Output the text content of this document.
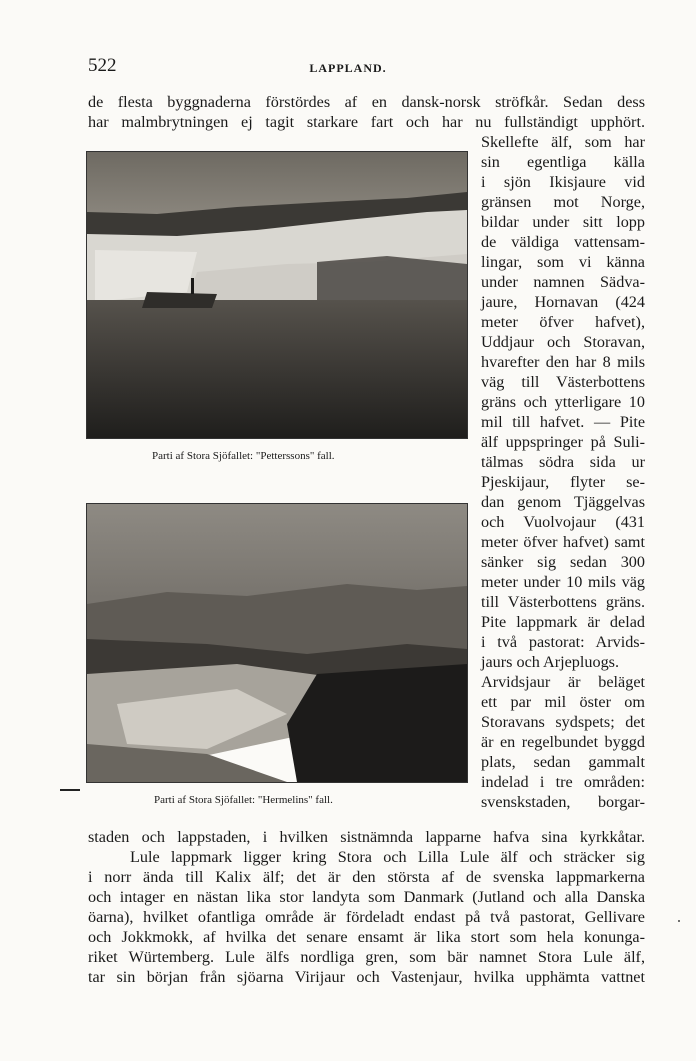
522	LAPPLAND.
de flesta byggnaderna förstördes af en dansk-norsk ströfkår. Sedan dess
har malmbrytningen ej tagit starkare fart och har nu fullständigt upphört.
Parti af Stora Sjöfallet: "Petterssons" fall.
Parti af Stora Sjöfallet: "Hermelins" fall.
Skellefte älf, som har
sin egentliga källa
i sjön Ikisjaure vid
gränsen mot Norge,
bildar under sitt lopp
de väldiga vattensam-
lingar, som vi känna
under namnen Sädva-
jaure, Hornavan (424
meter öfver hafvet),
Uddjaur och Storavan,
hvarefter den har 8 mils
väg till Västerbottens
gräns och ytterligare 10
mil till hafvet. — Pite
älf uppspringer på Suli-
tälmas södra sida ur
Pjeskijaur, flyter se-
dan genom Tjäggelvas
och Vuolvojaur (431
meter öfver hafvet) samt
sänker sig sedan 300
meter under 10 mils väg
till Västerbottens gräns.
Pite lappmark är delad
i två pastorat: Arvids-
jaurs och Arjepluogs.
Arvidsjaur är beläget
ett par mil öster om
Storavans sydspets; det
är en regelbundet byggd
plats, sedan gammalt
indelad i tre områden:
svenskstaden, borgar-
staden och lappstaden, i hvilken sistnämnda lapparne hafva sina kyrkkåtar.
Lule lappmark ligger kring Stora och Lilla Lule älf och sträcker sig
i norr ända till Kalix älf; det är den största af de svenska lappmarkerna
och intager en nästan lika stor landyta som Danmark (Jutland och alla Danska
öarna), hvilket ofantliga område är fördeladt endast på två pastorat, Gellivare
och Jokkmokk, af hvilka det senare ensamt är lika stort som hela konunga-
riket Würtemberg. Lule älfs nordliga gren, som bär namnet Stora Lule älf,
tar sin början från sjöarna Virijaur och Vastenjaur, hvilka upphämta vattnet
